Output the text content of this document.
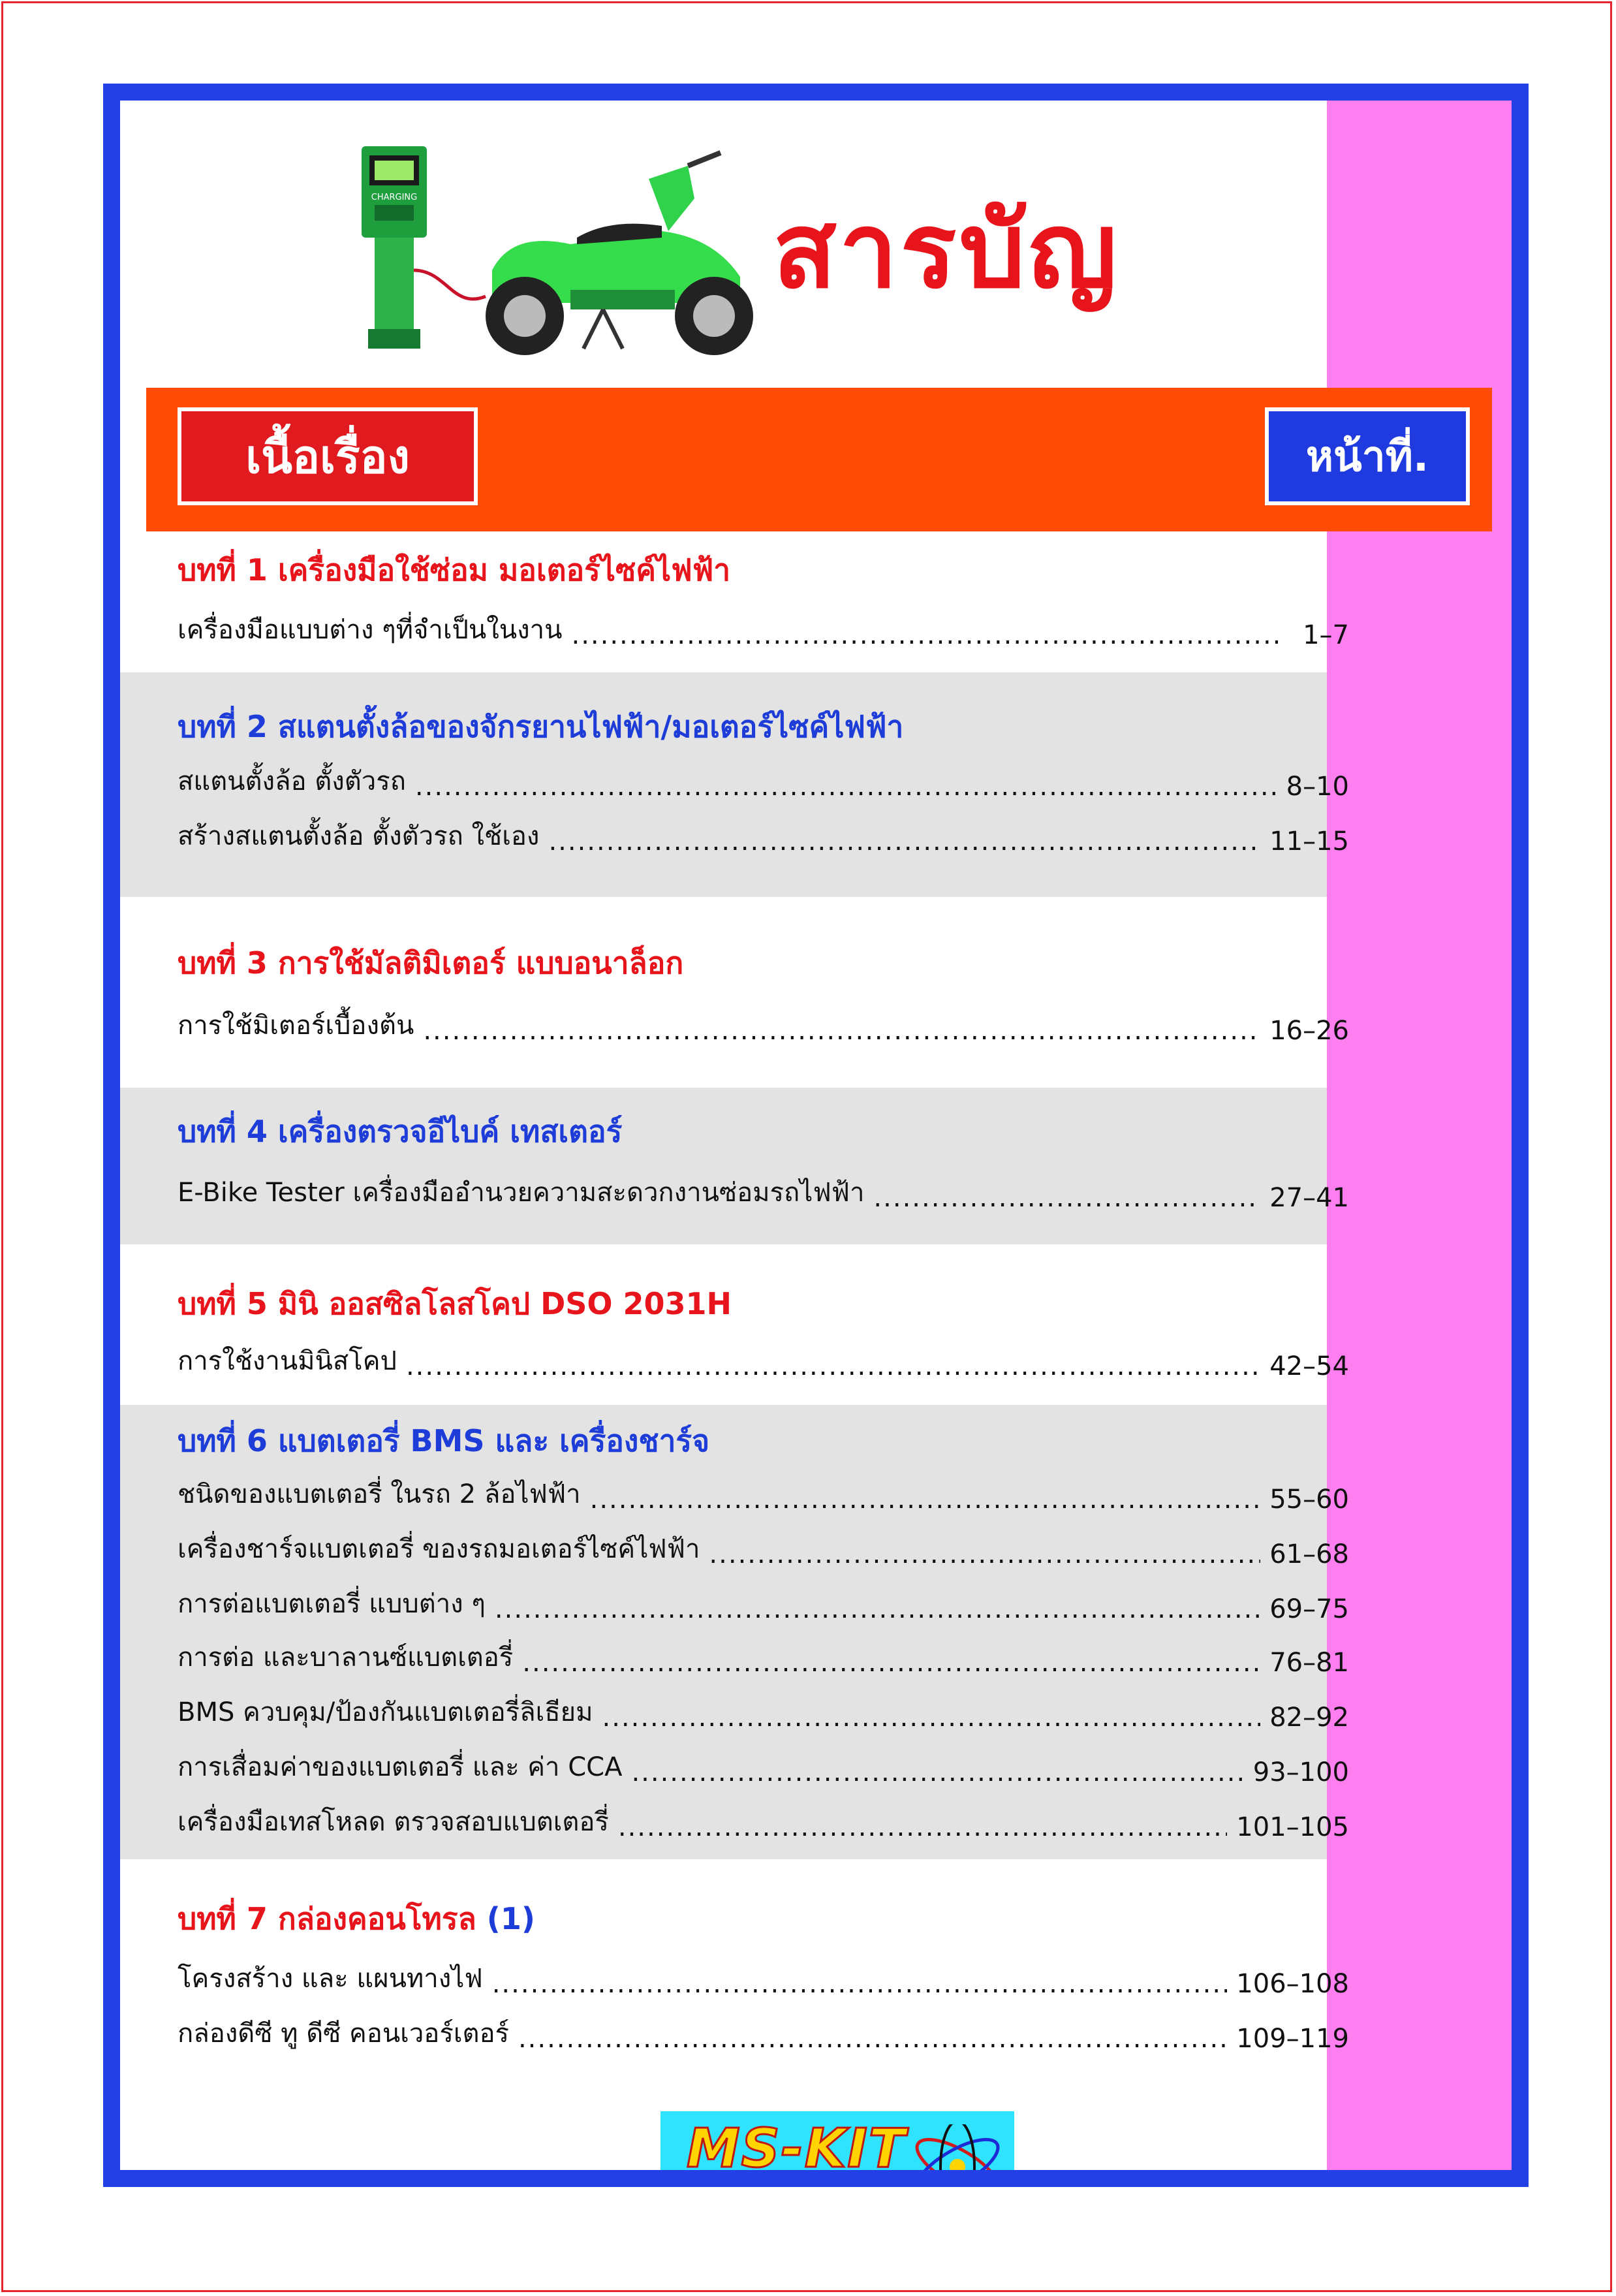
CHARGING	สารบัญ
เนื้อเรื่อง	หน้าที่.
บทที่ 1 เครื่องมือใช้ซ่อม มอเตอร์ไซค์ไฟฟ้า
เครื่องมือแบบต่าง ๆที่จำเป็นในงาน .....	1–7
บทที่ 2 สแตนตั้งล้อของจักรยานไฟฟ้า/มอเตอร์ไซค์ไฟฟ้า
สแตนตั้งล้อ ตั้งตัวรถ .....	8–10
สร้างสแตนตั้งล้อ ตั้งตัวรถ ใช้เอง .....	11–15
บทที่ 3 การใช้มัลติมิเตอร์ แบบอนาล็อก
การใช้มิเตอร์เบื้องต้น .....	16–26
บทที่ 4 เครื่องตรวจอีไบค์ เทสเตอร์
E-Bike Tester เครื่องมืออำนวยความสะดวกงานซ่อมรถไฟฟ้า .....	27–41
บทที่ 5 มินิ ออสซิลโลสโคป DSO 2031H
การใช้งานมินิสโคป .....	42–54
บทที่ 6 แบตเตอรี่ BMS และ เครื่องชาร์จ
ชนิดของแบตเตอรี่ ในรถ 2 ล้อไฟฟ้า .....	55–60
เครื่องชาร์จแบตเตอรี่ ของรถมอเตอร์ไซค์ไฟฟ้า .....	61–68
การต่อแบตเตอรี่ แบบต่าง ๆ .....	69–75
การต่อ และบาลานซ์แบตเตอรี่ .....	76–81
BMS ควบคุม/ป้องกันแบตเตอรี่ลิเธียม .....	82–92
การเสื่อมค่าของแบตเตอรี่ และ ค่า CCA .....	93–100
เครื่องมือเทสโหลด ตรวจสอบแบตเตอรี่ .....	101–105
บทที่ 7 กล่องคอนโทรล (1)
โครงสร้าง และ แผนทางไฟ .....	106–108
กล่องดีซี ทู ดีซี คอนเวอร์เตอร์ .....	109–119
MS-KIT
